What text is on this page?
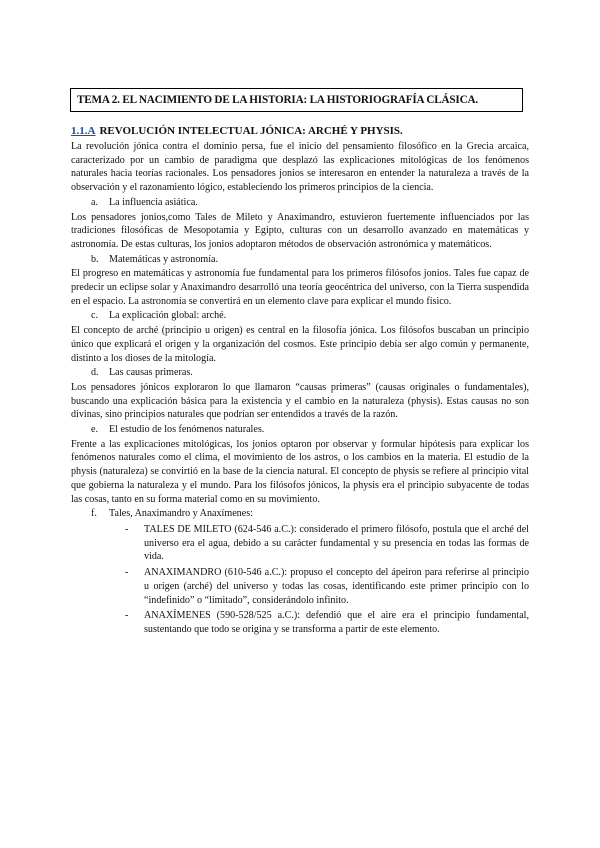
TEMA 2. EL NACIMIENTO DE LA HISTORIA: LA HISTORIOGRAFÍA CLÁSICA.
1.1.A REVOLUCIÓN INTELECTUAL JÓNICA: ARCHÉ Y PHYSIS.

La revolución jónica contra el dominio persa, fue el inicio del pensamiento filosófico en la Grecia arcaica, caracterizado por un cambio de paradigma que desplazó las explicaciones mitológicas de los fenómenos naturales hacia teorías racionales. Los pensadores jonios se interesaron en entender la naturaleza a través de la observación y el razonamiento lógico, estableciendo los primeros principios de la ciencia.

a.	La influencia asiática.

Los pensadores jonios,como Tales de Mileto y Anaximandro, estuvieron fuertemente influenciados por las tradiciones filosóficas de Mesopotamia y Egipto, culturas con un desarrollo avanzado en matemáticas y astronomía. De estas culturas, los jonios adoptaron métodos de observación astronómica y matemáticos.

b.	Matemáticas y astronomía.

El progreso en matemáticas y astronomía fue fundamental para los primeros filósofos jonios. Tales fue capaz de predecir un eclipse solar y Anaximandro desarrolló una teoría geocéntrica del universo, con la Tierra suspendida en el espacio. La astronomía se convertirá en un elemento clave para explicar el mundo físico.

c.	La explicación global: arché.

El concepto de arché (principio u origen) es central en la filosofía jónica. Los filósofos buscaban un principio único que explicará el origen y la organización del cosmos. Este principio debía ser algo común y permanente, distinto a los dioses de la mitología.

d.	Las causas primeras.

Los pensadores jónicos exploraron lo que llamaron “causas primeras” (causas originales o fundamentales), buscando una explicación básica para la existencia y el cambio en la naturaleza (physis). Estas causas no son divinas, sino principios naturales que podrían ser entendidos a través de la razón.

e.	El estudio de los fenómenos naturales.

Frente a las explicaciones mitológicas, los jonios optaron por observar y formular hipótesis para explicar los fenómenos naturales como el clima, el movimiento de los astros, o los cambios en la materia. El estudio de la physis (naturaleza) se convirtió en la base de la ciencia natural. El concepto de physis se refiere al principio vital que gobierna la naturaleza y el mundo. Para los filósofos jónicos, la physis era el principio subyacente de todas las cosas, tanto en su forma material como en su movimiento.

f.	Tales, Anaximandro y Anaxímenes:
-	TALES DE MILETO (624-546 a.C.): considerado el primero filósofo, postula que el arché del universo era el agua, debido a su carácter fundamental y su presencia en todas las formas de vida.
-	ANAXIMANDRO (610-546 a.C.): propuso el concepto del ápeiron para referirse al principio u origen (arché) del universo y todas las cosas, identificando este primer principio con lo “indefinido” o “limitado”, considerándolo infinito.
-	ANAXÍMENES (590-528/525 a.C.): defendió que el aire era el principio fundamental, sustentando que todo se origina y se transforma a partir de este elemento.
